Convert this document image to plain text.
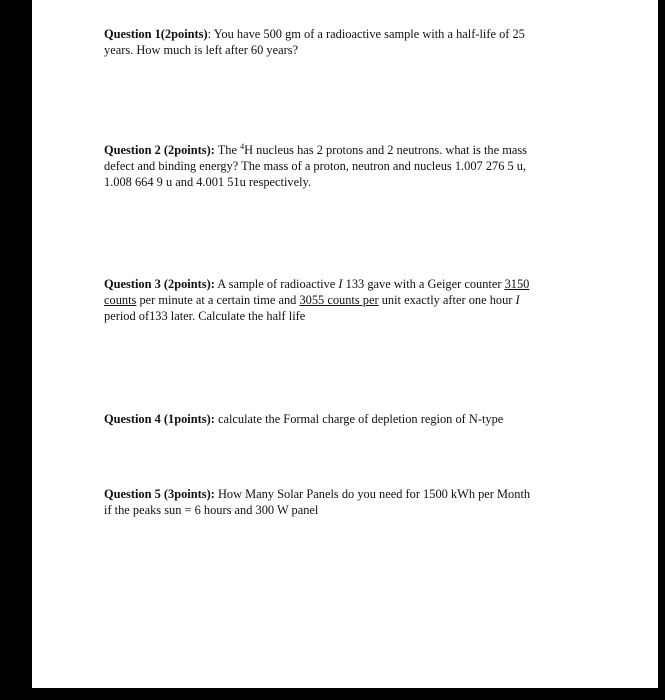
Question 1(2points): You have 500 gm of a radioactive sample with a half-life of 25
years. How much is left after 60 years?
Question 2 (2points): The $^4$H nucleus has 2 protons and 2 neutrons. what is the mass
defect and binding energy? The mass of a proton, neutron and nucleus 1.007 276 5 u,
1.008 664 9 u and 4.001 51u respectively.
Question 3 (2points): A sample of radioactive I 133 gave with a Geiger counter 3150
counts per minute at a certain time and 3055 counts per unit exactly after one hour I
period of133 later. Calculate the half life
Question 4 (1points): calculate the Formal charge of depletion region of N-type
Question 5 (3points): How Many Solar Panels do you need for 1500 kWh per Month
if the peaks sun = 6 hours and 300 W panel
